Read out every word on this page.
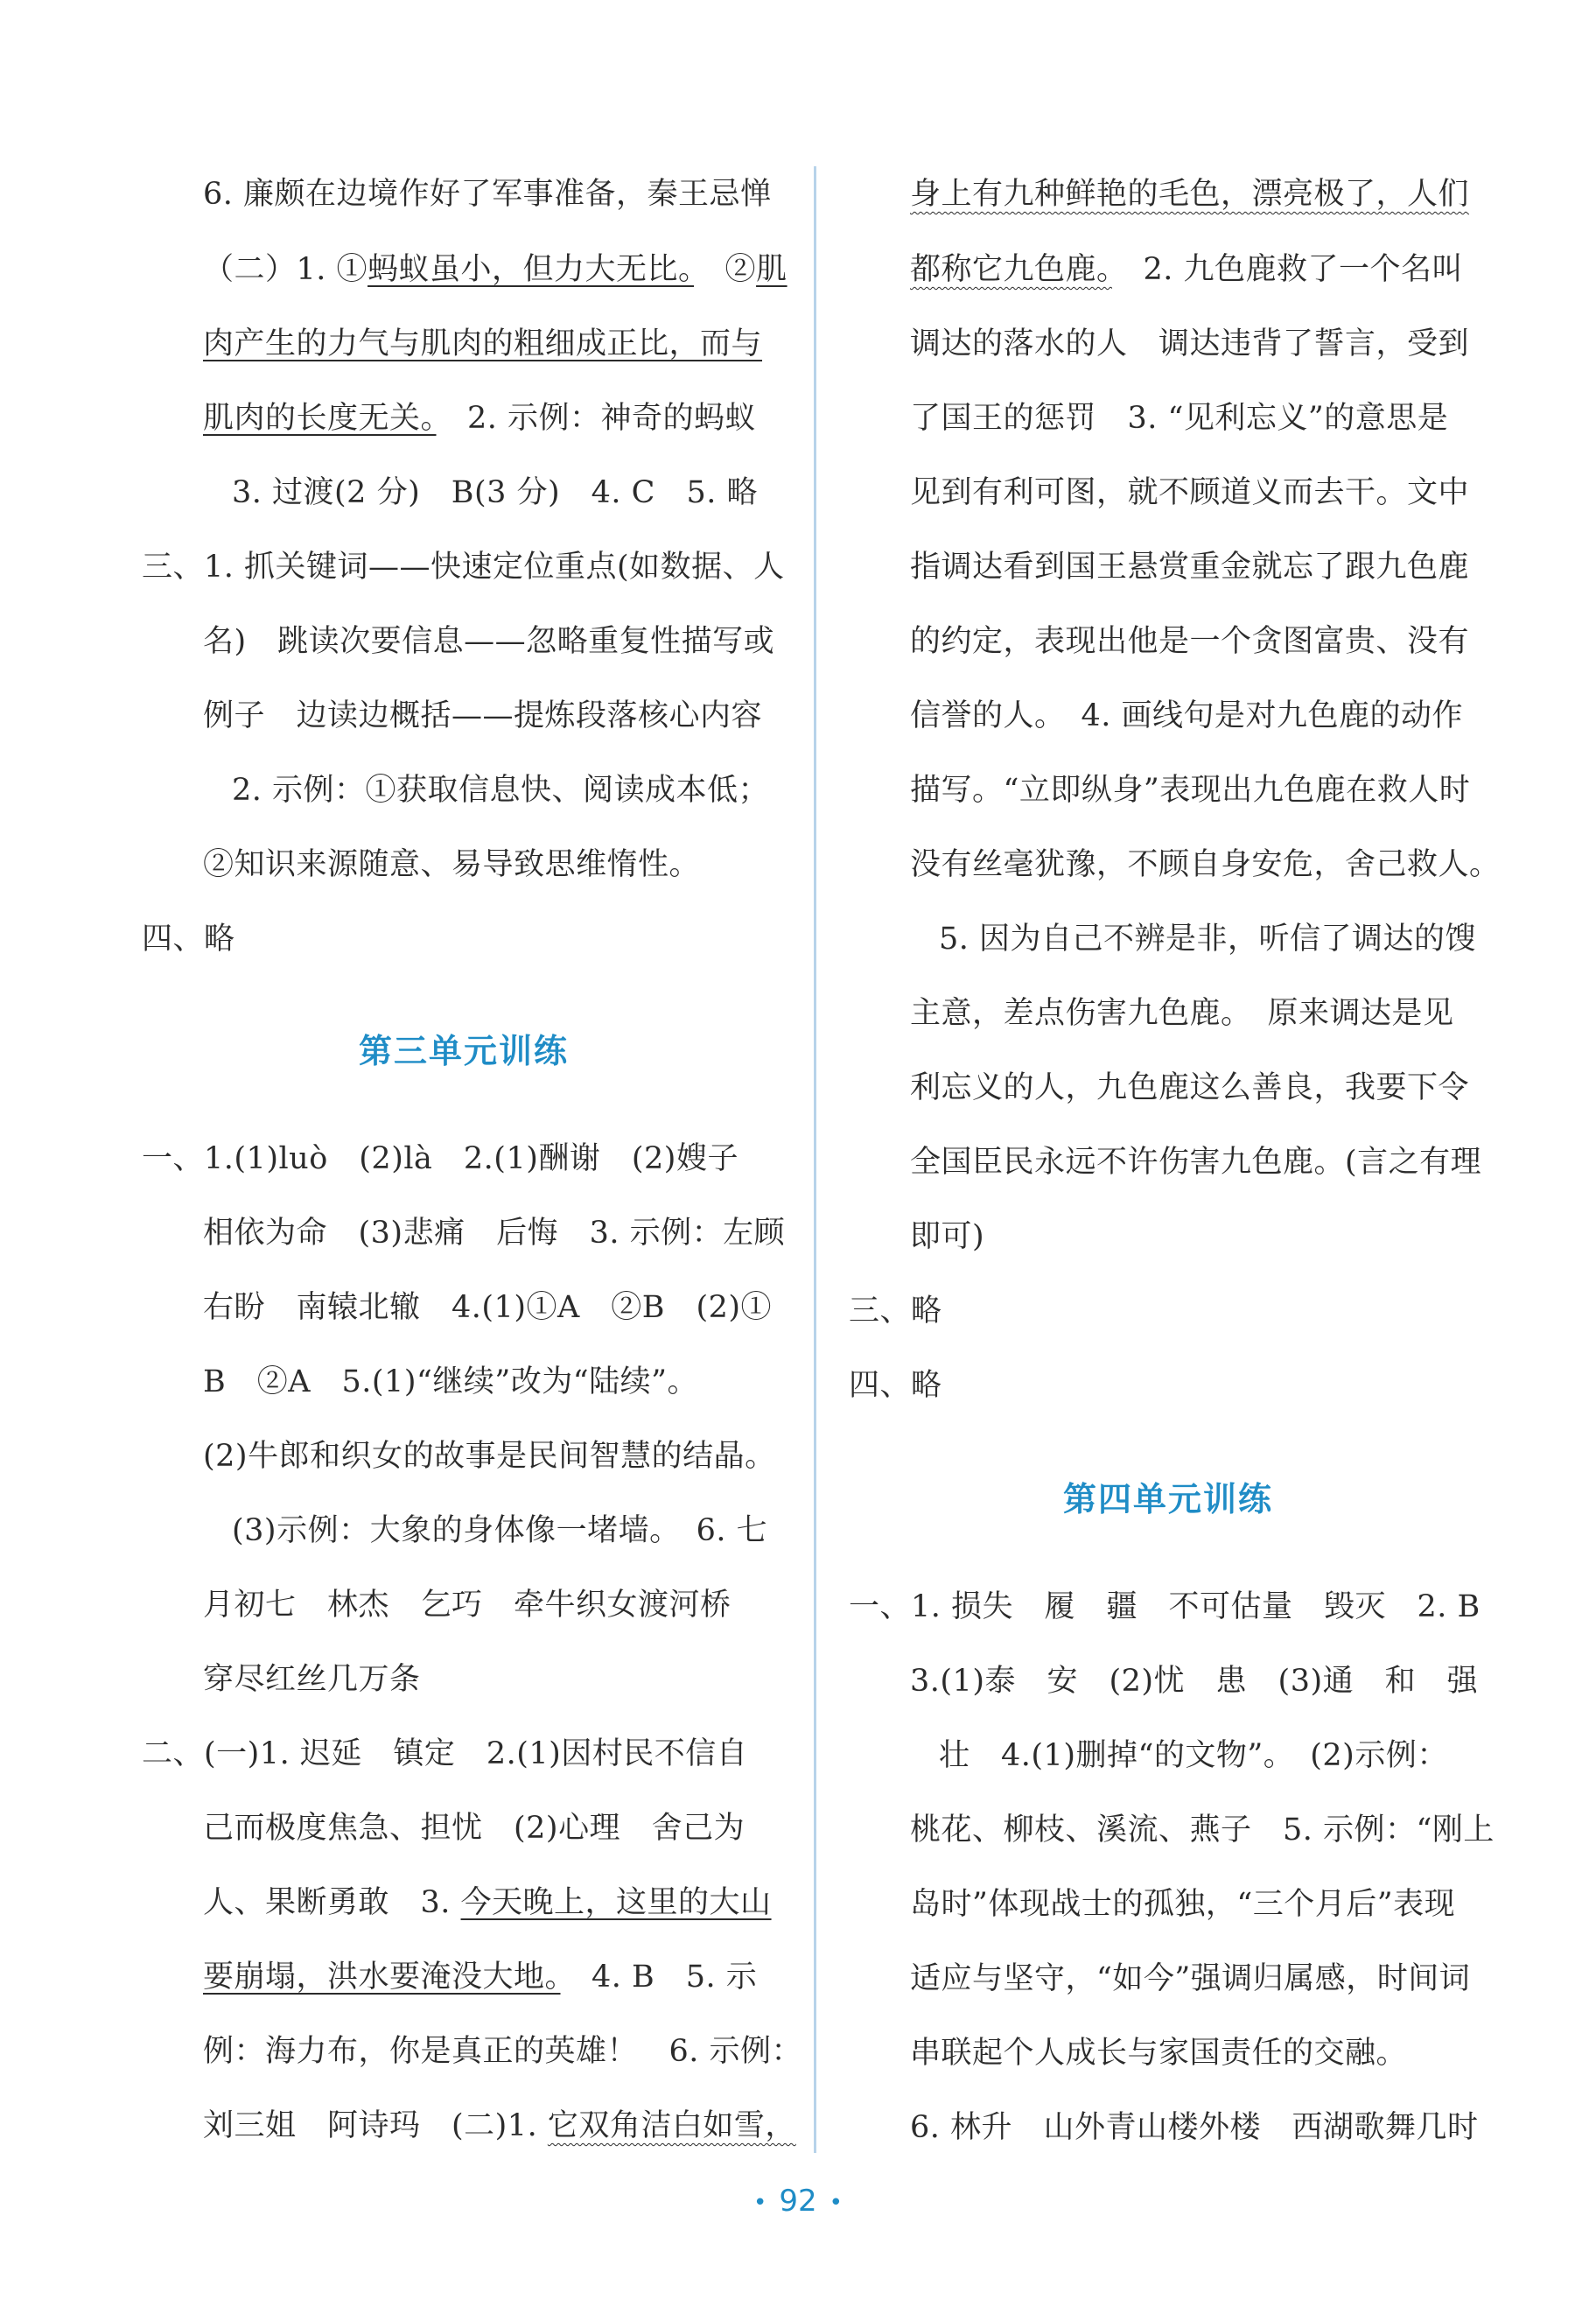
6. 廉颇在边境作好了军事准备，秦王忌惮
（二）1. ①蚂蚁虽小，但力大无比。　②肌
肉产生的力气与肌肉的粗细成正比，而与
肌肉的长度无关。　2. 示例：神奇的蚂蚁
3. 过渡(2 分)　B(3 分)　4. C　5. 略
三、1. 抓关键词——快速定位重点(如数据、人
名)　跳读次要信息——忽略重复性描写或
例子　边读边概括——提炼段落核心内容
2. 示例：①获取信息快、阅读成本低；
②知识来源随意、易导致思维惰性。
四、略
第三单元训练
一、1.(1)luò　(2)là　2.(1)酬谢　(2)嫂子
相依为命　(3)悲痛　后悔　3. 示例：左顾
右盼　南辕北辙　4.(1)①A　②B　(2)①
B　②A　5.(1)“继续”改为“陆续”。
(2)牛郎和织女的故事是民间智慧的结晶。
(3)示例：大象的身体像一堵墙。　6. 七
月初七　林杰　乞巧　牵牛织女渡河桥
穿尽红丝几万条
二、(一)1. 迟延　镇定　2.(1)因村民不信自
己而极度焦急、担忧　(2)心理　舍己为
人、果断勇敢　3. 今天晚上，这里的大山
要崩塌，洪水要淹没大地。　4. B　5. 示
例：海力布，你是真正的英雄！　6. 示例：
刘三姐　阿诗玛　(二)1. 它双角洁白如雪，
身上有九种鲜艳的毛色，漂亮极了，人们
都称它九色鹿。　2. 九色鹿救了一个名叫
调达的落水的人　调达违背了誓言，受到
了国王的惩罚　3. “见利忘义”的意思是
见到有利可图，就不顾道义而去干。文中
指调达看到国王悬赏重金就忘了跟九色鹿
的约定，表现出他是一个贪图富贵、没有
信誉的人。　4. 画线句是对九色鹿的动作
描写。“立即纵身”表现出九色鹿在救人时
没有丝毫犹豫，不顾自身安危，舍己救人。
5. 因为自己不辨是非，听信了调达的馊
主意，差点伤害九色鹿。　原来调达是见
利忘义的人，九色鹿这么善良，我要下令
全国臣民永远不许伤害九色鹿。(言之有理
即可)
三、略
四、略
第四单元训练
一、1. 损失　履　疆　不可估量　毁灭　2. B
3.(1)泰　安　(2)忧　患　(3)通　和　强
壮　4.(1)删掉“的文物”。　(2)示例：
桃花、柳枝、溪流、燕子　5. 示例：“刚上
岛时”体现战士的孤独，“三个月后”表现
适应与坚守，“如今”强调归属感，时间词
串联起个人成长与家国责任的交融。
6. 林升　山外青山楼外楼　西湖歌舞几时
• 92 •
